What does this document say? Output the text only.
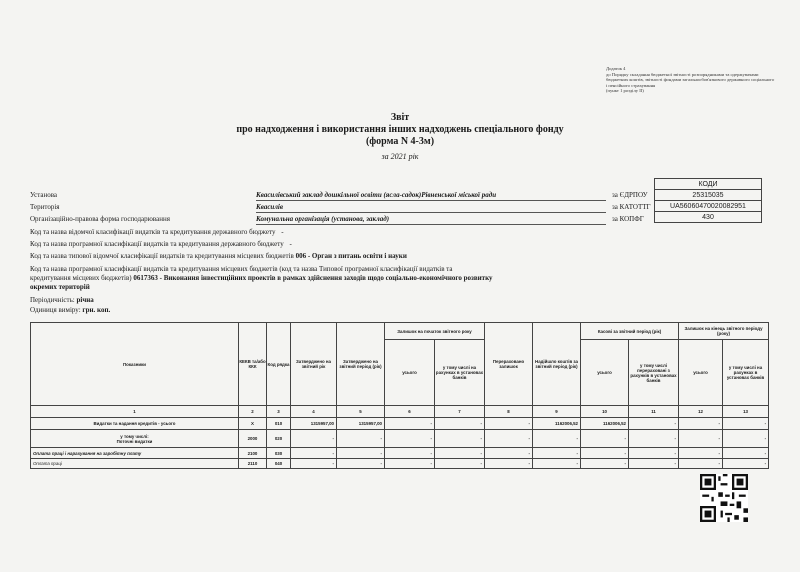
Додаток 4
до Порядку складання бюджетної звітності розпорядниками та одержувачами бюджетних коштів, звітності фондами загальнообов'язкового державного соціального і пенсійного страхування
(пункт 1 розділу ІІ)
Звіт
про надходження і використання інших надходжень спеціального фонду
(форма N 4-3м)
за 2021 рік
КОДИ
25315035
UA56060470020082951
430
за ЄДРПОУ
за КАТОТТГ
за КОПФГ
Установа	Квасилівський заклад дошкільної освіти (ясла-садок)Рівненської міської ради
Територія	Квасилів
Організаційно-правова форма господарювання	Комунальна організація (установа, заклад)
Код та назва відомчої класифікації видатків та кредитування державного бюджету -
Код та назва програмної класифікації видатків та кредитування державного бюджету -
Код та назва типової відомчої класифікації видатків та кредитування місцевих бюджетів 006 - Орган з питань освіти і науки
Код та назва програмної класифікації видатків та кредитування місцевих бюджетів (код та назва Типової програмної класифікації видатків та
кредитування місцевих бюджетів) 0617363 - Виконання інвестиційних проектів в рамках здійснення заходів щодо соціально-економічного розвитку
окремих територій
Періодичність: річна
Одиниця виміру: грн. коп.
Показники	КЕКВ та/або ККК	Код рядка	Затверджено на звітний рік	Затверджено на звітний період (рік)	Залишок на початок звітного року		Перераховано залишок	Надійшло коштів за звітний період (рік)	Касові за звітний період (рік)		Залишок на кінець звітного періоду (року)	
					усього	у тому числі на рахунках в установах банків			усього	у тому числі перераховані з рахунків в установах банків	усього	у тому числі на рахунках в установах банків
1	2	3	4	5	6	7	8	9	10	11	12	13
Видатки та надання кредитів - усього	X	010	1315957,00	1315957,00	-	-	-	1162006,52	1162006,52	-	-	-
у тому числі:
Поточні видатки	2000	020	-	-	-	-	-	-	-	-	-	-
Оплата праці і нарахування на заробітну плату	2100	030	-	-	-	-	-	-	-	-	-	-
Оплата праці	2110	040	-	-	-	-	-	-	-	-	-	-
